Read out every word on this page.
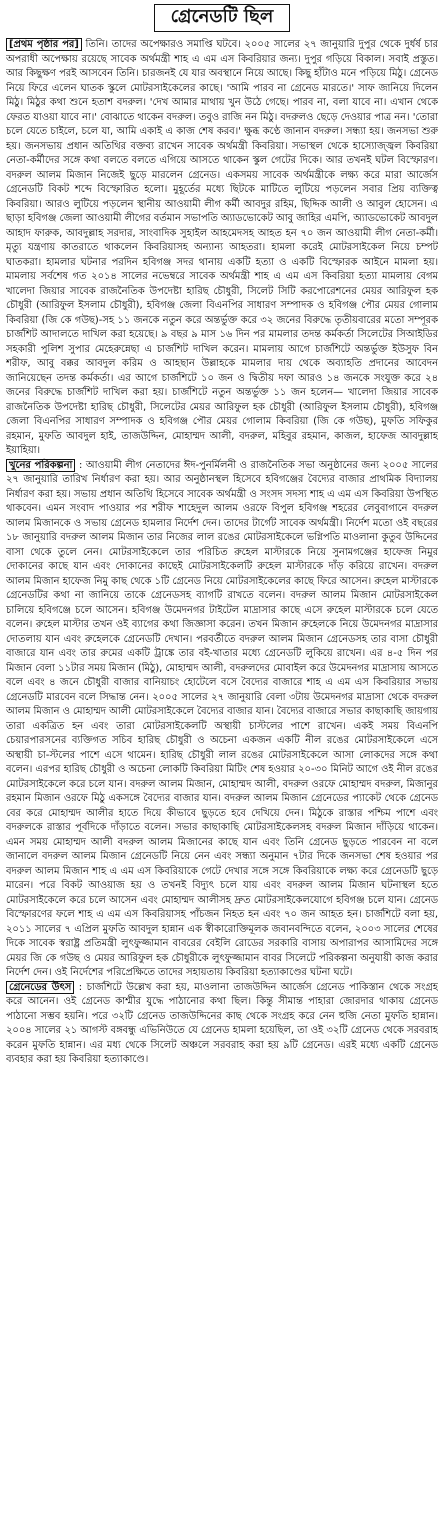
গ্রেনেডটি ছিল

[প্রথম পৃষ্ঠার পর] তিনি। তাদের অপেক্ষারও সমাপ্তি ঘটবে। ২০০৫ সালের ২৭ জানুয়ারি দুপুর থেকে দুর্ধর্ষ চার অপরাধী অপেক্ষায় রয়েছে সাবেক অর্থমন্ত্রী শাহ এ এম এস কিবরিয়ার জন্য। দুপুর গড়িয়ে বিকাল। সবাই প্রস্তুত। আর কিছুক্ষণ পরই আসবেন তিনি। চারজনই যে যার অবস্থানে নিয়ে আছে। কিছু হাঁটাও মনে পড়িয়ে মিঠু। গ্রেনেড নিয়ে ফিরে এলেন ঘাতক স্কুলে মোটরসাইকেলের কাছে। 'আমি পারব না গ্রেনেড মারতে।' সাফ জানিয়ে দিলেন মিঠু। মিঠুর কথা শুনে হতাশ বদরুল। 'দেখ আমার মাথায় খুন উঠে গেছে। পারব না, বলা যাবে না। এখান থেকে ফেরত যাওয়া যাবে না।' বোঝাতে থাকেন বদরুল। তবুও রাজি নন মিঠু। বদরুলও ছেড়ে দেওয়ার পাত্র নন। 'তোরা চলে যেতে চাইলে, চলে যা, আমি একাই এ কাজ শেষ করব।' ক্ষুব্ধ কণ্ঠে জানান বদরুল। সন্ধ্যা হয়। জনসভা শুরু হয়। জনসভায় প্রধান অতিথির বক্তব্য রাখেন সাবেক অর্থমন্ত্রী কিবরিয়া। সভাস্থল থেকে হাস্যোজ্জ্বল কিবরিয়া নেতা-কর্মীদের সঙ্গে কথা বলতে বলতে এগিয়ে আসতে থাকেন স্কুল গেটের দিকে। আর তখনই ঘটল বিস্ফোরণ। বদরুল আলম মিজান নিজেই ছুড়ে মারলেন গ্রেনেড। একসময় সাবেক অর্থমন্ত্রীকে লক্ষ্য করে মারা আর্জেস গ্রেনেডটি বিকট শব্দে বিস্ফোরিত হলো। মুহূর্তের মধ্যে ছিটকে মাটিতে লুটিয়ে পড়লেন সবার প্রিয় ব্যক্তিত্ব কিবরিয়া। আরও লুটিয়ে পড়লেন স্থানীয় আওয়ামী লীগ কর্মী আবদুর রহিম, ছিদ্দিক আলী ও আবুল হোসেন। এ ছাড়া হবিগঞ্জ জেলা আওয়ামী লীগের বর্তমান সভাপতি অ্যাডভোকেট আবু জাহির এমপি, অ্যাডভোকেট আবদুল আহাদ ফারুক, আবদুল্লাহ সরদার, সাংবাদিক সুহাইল আহমেদসহ আহত হন ৭০ জন আওয়ামী লীগ নেতা-কর্মী। মৃত্যু যন্ত্রণায় কাতরাতে থাকলেন কিবরিয়াসহ অন্যান্য আহতরা। হামলা করেই মোটরসাইকেল নিয়ে চম্পট ঘাতকরা। হামলার ঘটনার পরদিন হবিগঞ্জ সদর থানায় একটি হত্যা ও একটি বিস্ফোরক আইনে মামলা হয়। মামলায় সর্বশেষ গত ২০১৪ সালের নভেম্বরে সাবেক অর্থমন্ত্রী শাহ এ এম এস কিবরিয়া হত্যা মামলায় বেগম খালেদা জিয়ার সাবেক রাজনৈতিক উপদেষ্টা হারিছ চৌধুরী, সিলেট সিটি করপোরেশনের মেয়র আরিফুল হক চৌধুরী (আরিফুল ইসলাম চৌধুরী), হবিগঞ্জ জেলা বিএনপির সাধারণ সম্পাদক ও হবিগঞ্জ পৌর মেয়র গোলাম কিবরিয়া (জি কে গউছ)-সহ ১১ জনকে নতুন করে অন্তর্ভুক্ত করে ৩২ জনের বিরুদ্ধে তৃতীয়বারের মতো সম্পূরক চার্জশিট আদালতে দাখিল করা হয়েছে। ৯ বছর ৯ মাস ১৬ দিন পর মামলার তদন্ত কর্মকর্তা সিলেটের সিআইডির সহকারী পুলিশ সুপার মেহেরুন্নেছা এ চার্জশিট দাখিল করেন। মামলায় আগে চার্জশিটে অন্তর্ভুক্ত ইউসুফ বিন শরীফ, আবু বক্কর আবদুল করিম ও আহছান উল্লাহকে মামলার দায় থেকে অব্যাহতি প্রদানের আবেদন জানিয়েছেন তদন্ত কর্মকর্তা। এর আগে চার্জশিটে ১০ জন ও দ্বিতীয় দফা আরও ১৪ জনকে সংযুক্ত করে ২৪ জনের বিরুদ্ধে চার্জশিট দাখিল করা হয়। চার্জশিটে নতুন অন্তর্ভুক্ত ১১ জন হলেন— খালেদা জিয়ার সাবেক রাজনৈতিক উপদেষ্টা হারিছ চৌধুরী, সিলেটের মেয়র আরিফুল হক চৌধুরী (আরিফুল ইসলাম চৌধুরী), হবিগঞ্জ জেলা বিএনপির সাধারণ সম্পাদক ও হবিগঞ্জ পৌর মেয়র গোলাম কিবরিয়া (জি কে গউছ), মুফতি সফিকুর রহমান, মুফতি আবদুল হাই, তাজউদ্দিন, মোহাম্মদ আলী, বদরুল, মহিবুর রহমান, কাজল, হাফেজ আবদুল্লাহ ইয়াহিয়া।

খুনের পরিকল্পনা : আওয়ামী লীগ নেতাদের ঈদ-পুনর্মিলনী ও রাজনৈতিক সভা অনুষ্ঠানের জন্য ২০০৫ সালের ২৭ জানুয়ারি তারিখ নির্ধারণ করা হয়। আর অনুষ্ঠানস্থল হিসেবে হবিগঞ্জের বৈদ্যের বাজার প্রাথমিক বিদ্যালয় নির্ধারণ করা হয়। সভায় প্রধান অতিথি হিসেবে সাবেক অর্থমন্ত্রী ও সংসদ সদস্য শাহ এ এম এস কিবরিয়া উপস্থিত থাকবেন। এমন সংবাদ পাওয়ার পর শরীফ শাহেদুল আলম ওরফে বিপুল হবিগঞ্জ শহরের লেবুবাগানে বদরুল আলম মিজানকে ও সভায় গ্রেনেড হামলার নির্দেশ দেন। তাদের টার্গেট সাবেক অর্থমন্ত্রী। নির্দেশ মতো ওই বছরের ১৮ জানুয়ারি বদরুল আলম মিজান তার নিজের লাল রঙের মোটরসাইকেলে ভগ্নিপতি মাওলানা কুতুব উদ্দিনের বাসা থেকে তুলে নেন। মোটরসাইকেলে তার পরিচিত রুহেল মাস্টারকে নিয়ে সুনামগঞ্জের হাফেজ নিমুর দোকানের কাছে যান এবং দোকানের কাছেই মোটরসাইকেলটি রুহেল মাস্টারকে দাঁড় করিয়ে রাখেন। বদরুল আলম মিজান হাফেজ নিমু কাছ থেকে ১টি গ্রেনেড নিয়ে মোটরসাইকেলের কাছে ফিরে আসেন। রুহেল মাস্টারকে গ্রেনেডটির কথা না জানিয়ে তাকে গ্রেনেডসহ ব্যাগটি রাখতে বলেন। বদরুল আলম মিজান মোটরসাইকেল চালিয়ে হবিগঞ্জে চলে আসেন। হবিগঞ্জ উমেদনগর টাইটেল মাদ্রাসার কাছে এসে রুহেল মাস্টারকে চলে যেতে বলেন। রুহেল মাস্টার তখন ওই ব্যাগের কথা জিজ্ঞাসা করেন। তখন মিজান রুহেলকে নিয়ে উমেদনগর মাদ্রাসার দোতলায় যান এবং রুহেলকে গ্রেনেডটি দেখান। পরবর্তীতে বদরুল আলম মিজান গ্রেনেডসহ তার বাসা চৌধুরী বাজারে যান এবং তার রুমের একটি ট্রাঙ্কে তার বই-খাতার মধ্যে গ্রেনেডটি লুকিয়ে রাখেন। এর ৪-৫ দিন পর মিজান বেলা ১১টার সময় মিজান (মিঠু), মোহাম্মদ আলী, বদরুলদের মোবাইল করে উমেদনগর মাদ্রাসায় আসতে বলে এবং ৪ জনে চৌধুরী বাজার বানিয়াচং হোটেলে বসে বৈদ্যের বাজারে শাহ এ এম এস কিবরিয়ার সভায় গ্রেনেডটি মারবেন বলে সিদ্ধান্ত নেন। ২০০৫ সালের ২৭ জানুয়ারি বেলা ৩টায় উমেদনগর মাদ্রাসা থেকে বদরুল আলম মিজান ও মোহাম্মদ আলী মোটরসাইকেলে বৈদ্যের বাজার যান। বৈদ্যের বাজারে সভার কাছাকাছি জায়গায় তারা একত্রিত হন এবং তারা মোটরসাইকেলটি অস্থায়ী চাস্টলের পাশে রাখেন। একই সময় বিএনপি চেয়ারপারসনের ব্যক্তিগত সচিব হারিছ চৌধুরী ও অচেনা একজন একটি নীল রঙের মোটরসাইকেলে এসে অস্থায়ী চা-স্টলের পাশে এসে থামেন। হারিছ চৌধুরী লাল রঙের মোটরসাইকেলে আসা লোকদের সঙ্গে কথা বলেন। এরপর হারিছ চৌধুরী ও অচেনা লোকটি কিবরিয়া মিটিং শেষ হওয়ার ২০-৩০ মিনিট আগে ওই নীল রঙের মোটরসাইকেলে করে চলে যান। বদরুল আলম মিজান, মোহাম্মদ আলী, বদরুল ওরফে মোহাম্মদ বদরুল, মিজানুর রহমান মিজান ওরফে মিঠু একসঙ্গে বৈদ্যের বাজার যান। বদরুল আলম মিজান গ্রেনেডের প্যাকেট থেকে গ্রেনেড বের করে মোহাম্মদ আলীর হাতে দিয়ে কীভাবে ছুড়তে হবে দেখিয়ে দেন। মিঠুকে রাস্তার পশ্চিম পাশে এবং বদরুলকে রাস্তার পূর্বদিকে দাঁড়াতে বলেন। সভার কাছাকাছি মোটরসাইকেলসহ বদরুল মিজান দাঁড়িয়ে থাকেন। এমন সময় মোহাম্মদ আলী বদরুল আলম মিজানের কাছে যান এবং তিনি গ্রেনেড ছুড়তে পারবেন না বলে জানালে বদরুল আলম মিজান গ্রেনেডটি নিয়ে নেন এবং সন্ধ্যা অনুমান ৭টার দিকে জনসভা শেষ হওয়ার পর বদরুল আলম মিজান শাহ এ এম এস কিবরিয়াকে গেটে দেখার সঙ্গে সঙ্গে কিবরিয়াকে লক্ষ্য করে গ্রেনেডটি ছুড়ে মারেন। পরে বিকট আওয়াজ হয় ও তখনই বিদ্যুৎ চলে যায় এবং বদরুল আলম মিজান ঘটনাস্থল হতে মোটরসাইকেলে করে চলে আসেন এবং মোহাম্মদ আলীসহ দ্রুত মোটরসাইকেলযোগে হবিগঞ্জ চলে যান। গ্রেনেড বিস্ফোরণের ফলে শাহ এ এম এস কিবরিয়াসহ পাঁচজন নিহত হন এবং ৭০ জন আহত হন। চার্জশিটে বলা হয়, ২০১১ সালের ৭ এপ্রিল মুফতি আবদুল হান্নান এক স্বীকারোক্তিমূলক জবানবন্দিতে বলেন, ২০০৩ সালের শেষের দিকে সাবেক স্বরাষ্ট্র প্রতিমন্ত্রী লুৎফুজ্জামান বাবরের বেইলি রোডের সরকারি বাসায় অপারাপর আসামিদের সঙ্গে মেয়র জি কে গউছ ও মেয়র আরিফুল হক চৌধুরীকে লুৎফুজ্জামান বাবর সিলেটে পরিকল্পনা অনুযায়ী কাজ করার নির্দেশ দেন। ওই নির্দেশের পরিপ্রেক্ষিতে তাদের সহায়তায় কিবরিয়া হত্যাকাণ্ডের ঘটনা ঘটে।

গ্রেনেডের উৎস : চার্জশিটে উল্লেখ করা হয়, মাওলানা তাজউদ্দিন আর্জেস গ্রেনেড পাকিস্তান থেকে সংগ্রহ করে আনেন। ওই গ্রেনেড কাশ্মীর যুদ্ধে পাঠানোর কথা ছিল। কিন্তু সীমান্ত পাহারা জোরদার থাকায় গ্রেনেড পাঠানো সম্ভব হয়নি। পরে ৩২টি গ্রেনেড তাজউদ্দিনের কাছ থেকে সংগ্রহ করে নেন হুজি নেতা মুফতি হান্নান। ২০০৪ সালের ২১ আগস্ট বঙ্গবন্ধু এভিনিউতে যে গ্রেনেড হামলা হয়েছিল, তা ওই ৩২টি গ্রেনেড থেকে সরবরাহ করেন মুফতি হান্নান। এর মধ্য থেকে সিলেট অঞ্চলে সরবরাহ করা হয় ৯টি গ্রেনেড। এরই মধ্যে একটি গ্রেনেড ব্যবহার করা হয় কিবরিয়া হত্যাকাণ্ডে।
